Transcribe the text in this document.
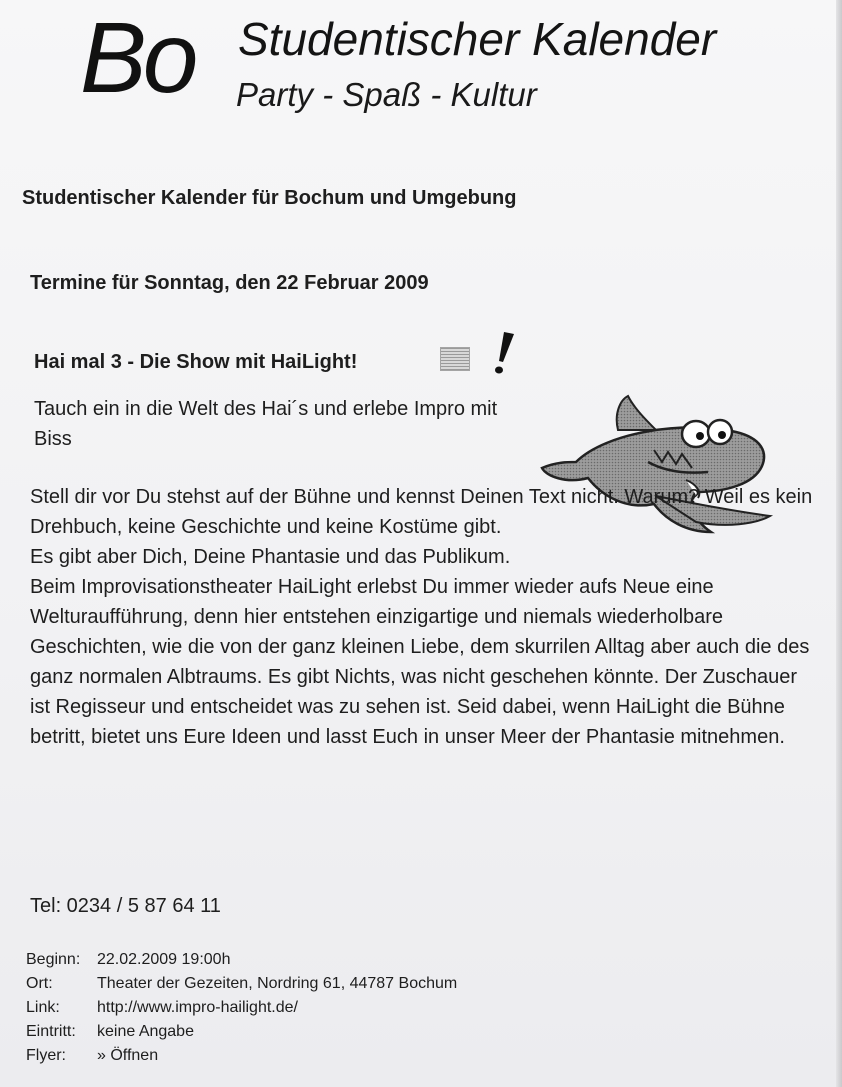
Bo Studentischer Kalender
Party - Spaß - Kultur
Studentischer Kalender für Bochum und Umgebung
Termine für Sonntag, den 22 Februar 2009
Hai mal 3 - Die Show mit HaiLight!

Tauch ein in die Welt des Hai´s und erlebe Impro mit Biss

Stell dir vor Du stehst auf der Bühne und kennst Deinen Text nicht. Warum? Weil es kein Drehbuch, keine Geschichte und keine Kostüme gibt.
Es gibt aber Dich, Deine Phantasie und das Publikum.
Beim Improvisationstheater HaiLight erlebst Du immer wieder aufs Neue eine Welturaufführung, denn hier entstehen einzigartige und niemals wiederholbare Geschichten, wie die von der ganz kleinen Liebe, dem skurrilen Alltag aber auch die des ganz normalen Albtraums. Es gibt Nichts, was nicht geschehen könnte. Der Zuschauer ist Regisseur und entscheidet was zu sehen ist. Seid dabei, wenn HaiLight die Bühne betritt, bietet uns Eure Ideen und lasst Euch in unser Meer der Phantasie mitnehmen.

Tel: 0234 / 5 87 64 11
Beginn:	22.02.2009 19:00h
Ort:	Theater der Gezeiten, Nordring 61, 44787 Bochum
Link:	http://www.impro-hailight.de/
Eintritt:	keine Angabe
Flyer:	» Öffnen
